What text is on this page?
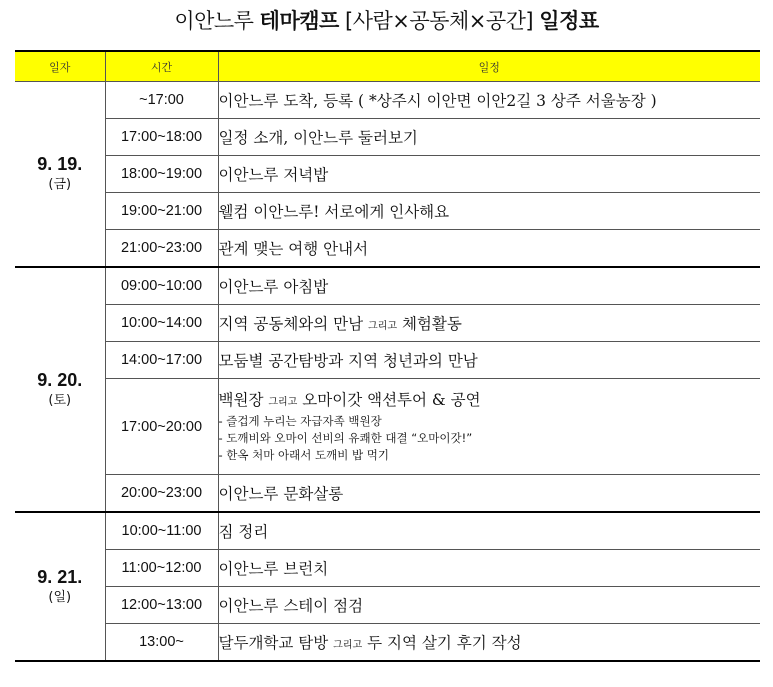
이안느루 테마캠프 [사람×공동체×공간] 일정표
일자	시간	일정

9. 19.
(금)	~17:00	이안느루 도착, 등록 ( *상주시 이안면 이안2길 3 상주 서울농장 )
	17:00~18:00	일정 소개, 이안느루 둘러보기
	18:00~19:00	이안느루 저녁밥
	19:00~21:00	웰컴 이안느루! 서로에게 인사해요
	21:00~23:00	관계 맺는 여행 안내서

9. 20.
(토)	09:00~10:00	이안느루 아침밥
	10:00~14:00	지역 공동체와의 만남 그리고 체험활동
	14:00~17:00	모둠별 공간탐방과 지역 청년과의 만남
	17:00~20:00	백원장 그리고 오마이갓 액션투어 & 공연
- 즐겁게 누리는 자급자족 백원장
- 도깨비와 오마이 선비의 유쾌한 대결 “오마이갓!”
- 한옥 처마 아래서 도깨비 밥 먹기

	20:00~23:00	이안느루 문화살롱

9. 21.
(일)	10:00~11:00	짐 정리
	11:00~12:00	이안느루 브런치
	12:00~13:00	이안느루 스테이 점검
	13:00~	달두개학교 탐방 그리고 두 지역 살기 후기 작성
